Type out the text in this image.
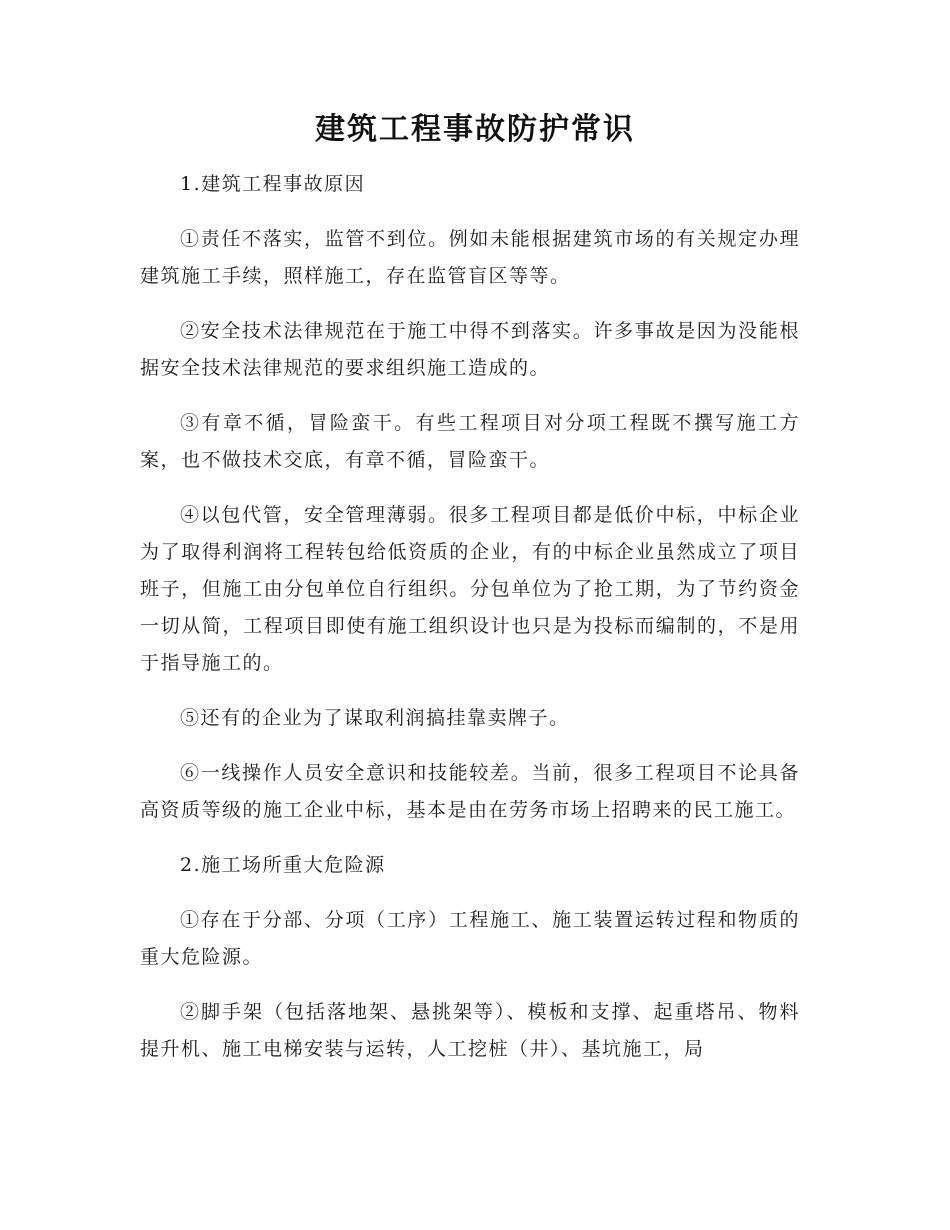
建筑工程事故防护常识

1.建筑工程事故原因

①责任不落实，监管不到位。例如未能根据建筑市场的有关规定办理建筑施工手续，照样施工，存在监管盲区等等。

②安全技术法律规范在于施工中得不到落实。许多事故是因为没能根据安全技术法律规范的要求组织施工造成的。

③有章不循，冒险蛮干。有些工程项目对分项工程既不撰写施工方案，也不做技术交底，有章不循，冒险蛮干。

④以包代管，安全管理薄弱。很多工程项目都是低价中标，中标企业为了取得利润将工程转包给低资质的企业，有的中标企业虽然成立了项目班子，但施工由分包单位自行组织。分包单位为了抢工期，为了节约资金一切从简，工程项目即使有施工组织设计也只是为投标而编制的，不是用于指导施工的。

⑤还有的企业为了谋取利润搞挂靠卖牌子。

⑥一线操作人员安全意识和技能较差。当前，很多工程项目不论具备高资质等级的施工企业中标，基本是由在劳务市场上招聘来的民工施工。

2.施工场所重大危险源

①存在于分部、分项（工序）工程施工、施工装置运转过程和物质的重大危险源。

②脚手架（包括落地架、悬挑架等）、模板和支撑、起重塔吊、物料提升机、施工电梯安装与运转，人工挖桩（井）、基坑施工，局
